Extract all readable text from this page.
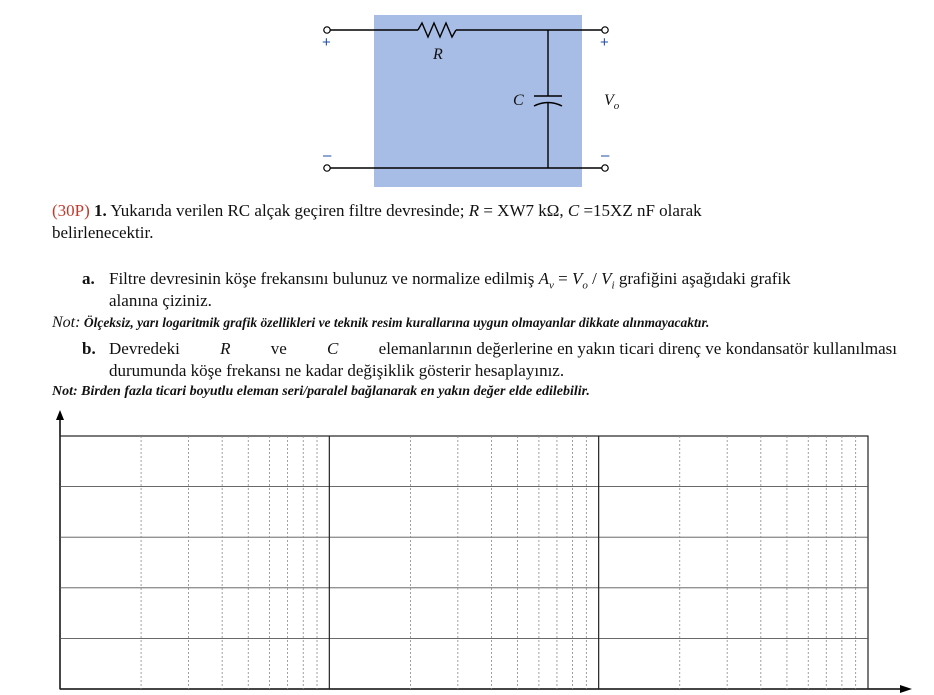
+	+
–	–
R
C	$V_o$
(30P) 1. Yukarıda verilen RC alçak geçiren filtre devresinde; R = XW7 kΩ, C =15XZ nF olarak
belirlenecektir.
a. Filtre devresinin köşe frekansını bulunuz ve normalize edilmiş $A_v = V_o / V_i$ grafiğini aşağıdaki grafik
alanına çiziniz.
Not: Ölçeksiz, yarı logaritmik grafik özellikleri ve teknik resim kurallarına uygun olmayanlar dikkate alınmayacaktır.
b. Devredeki R ve C elemanlarının değerlerine en yakın ticari direnç ve kondansatör kullanılması
durumunda köşe frekansı ne kadar değişiklik gösterir hesaplayınız.
Not: Birden fazla ticari boyutlu eleman seri/paralel bağlanarak en yakın değer elde edilebilir.
